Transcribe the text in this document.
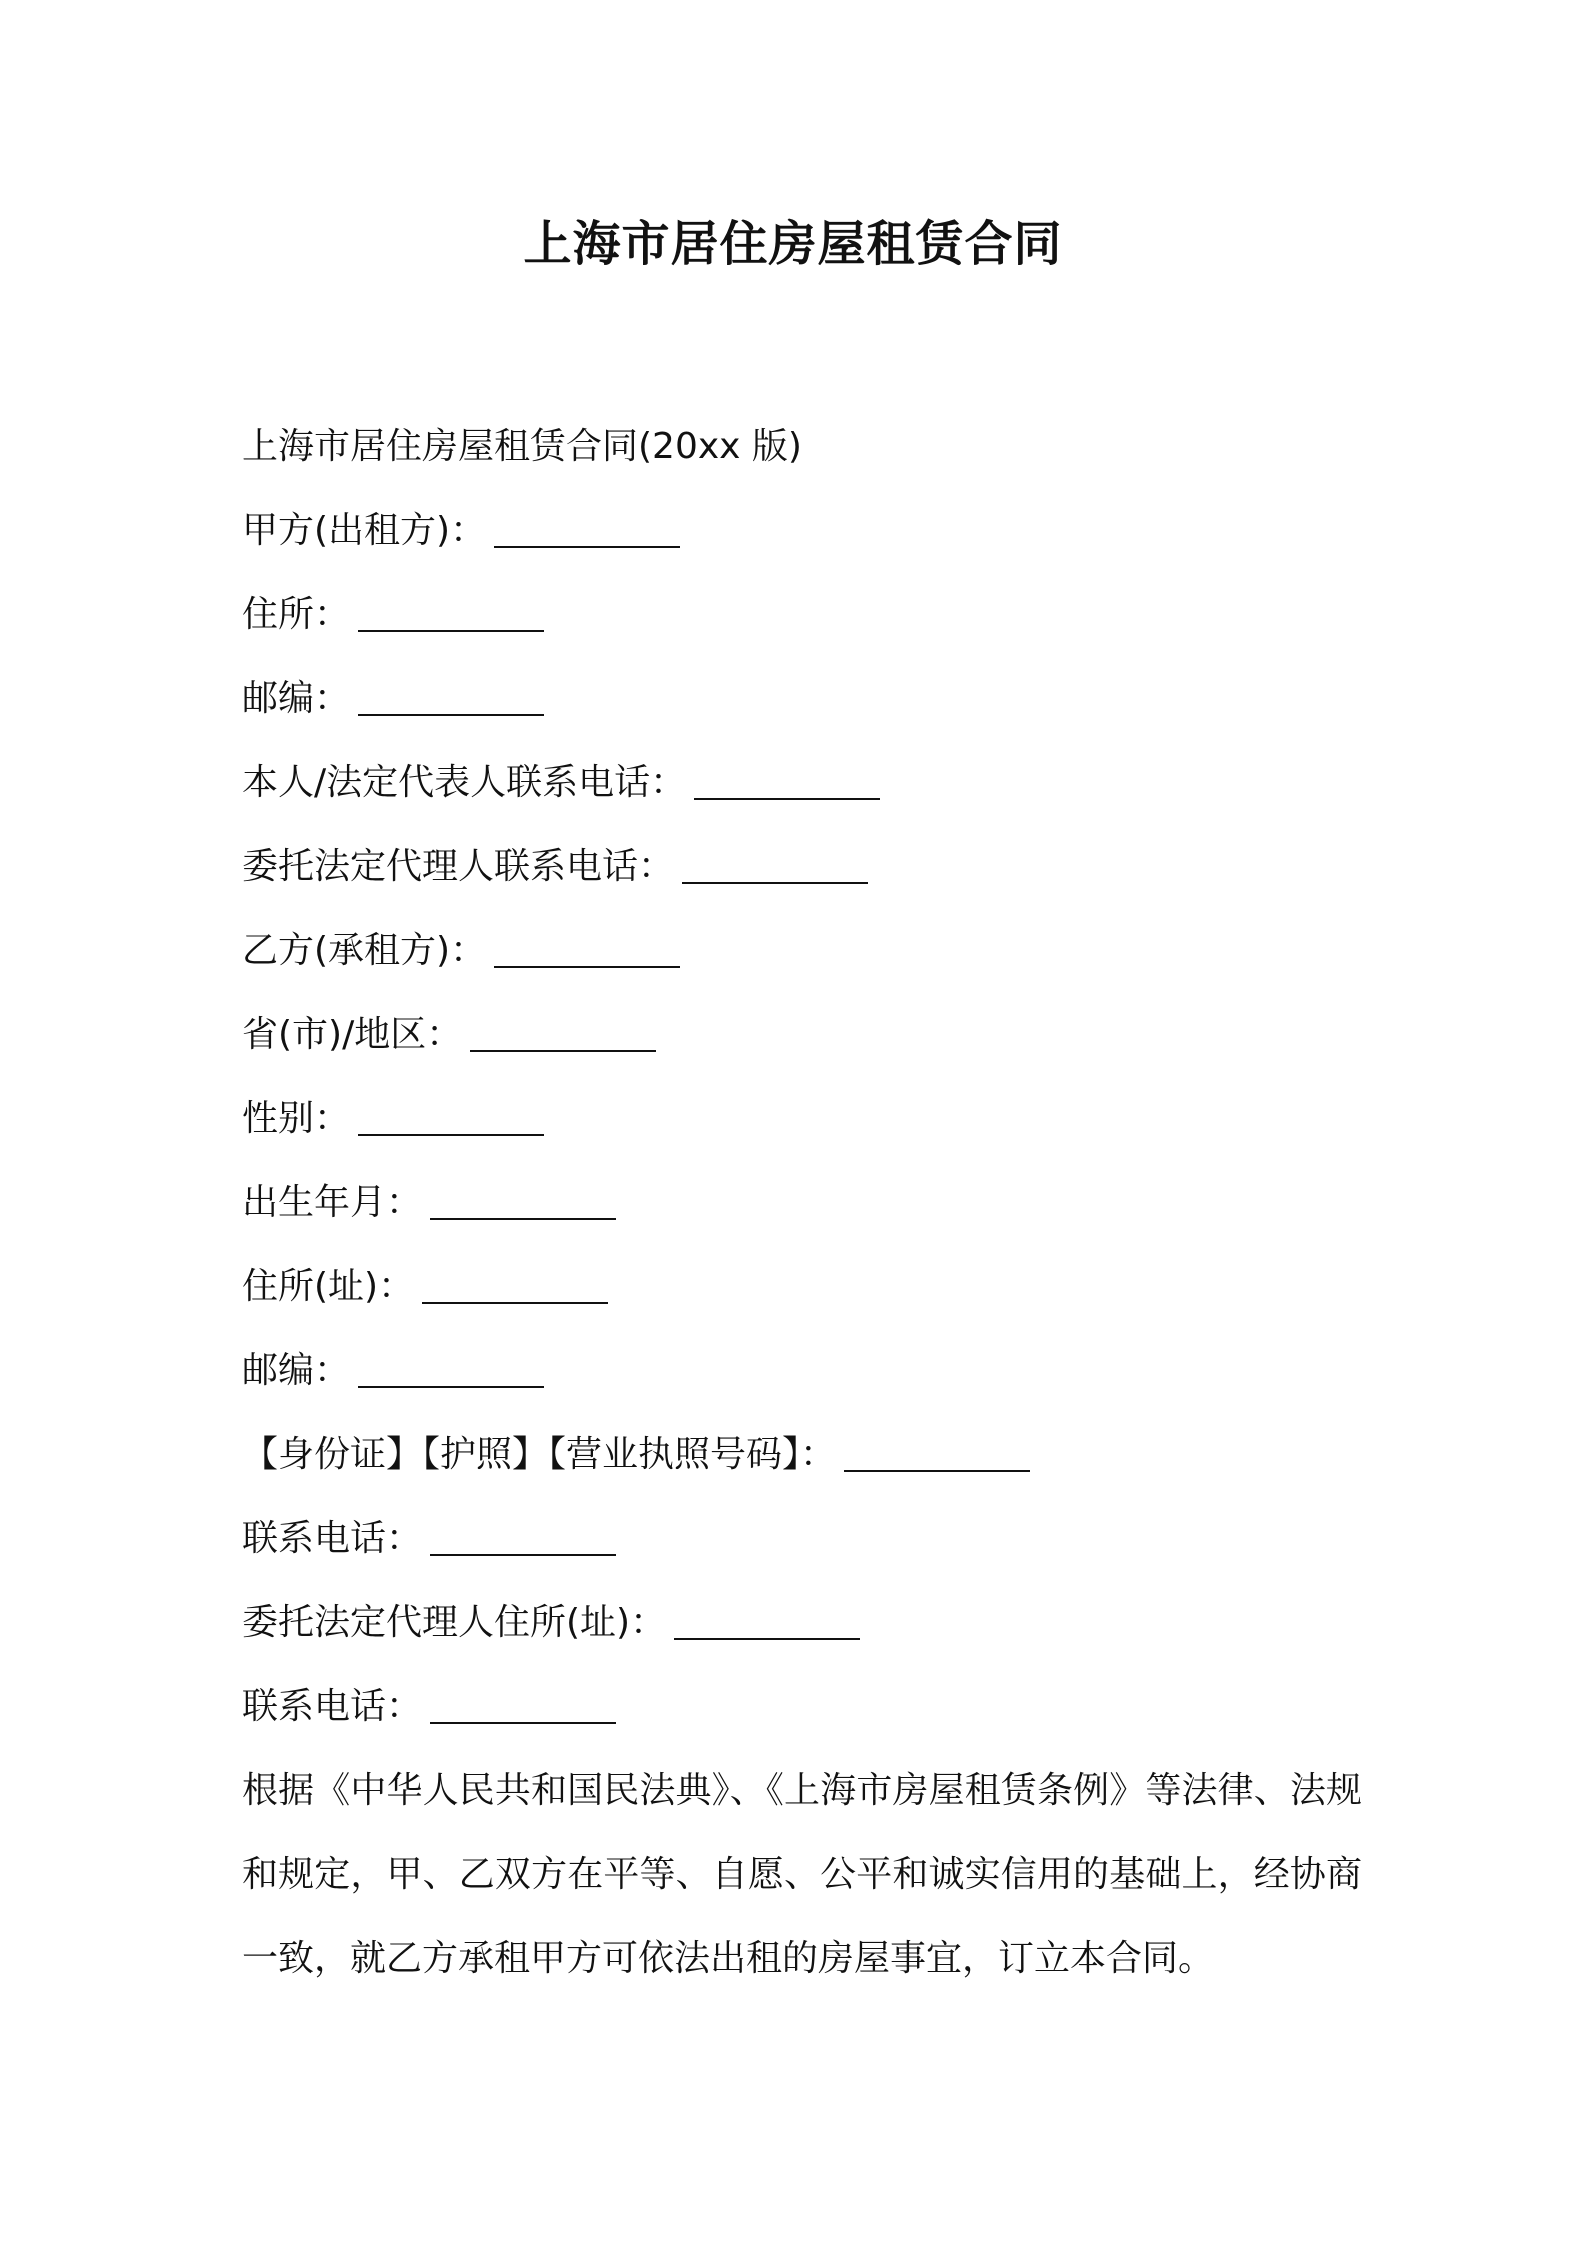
上海市居住房屋租赁合同
上海市居住房屋租赁合同(20xx 版)
甲方(出租方)：
住所：
邮编：
本人/法定代表人联系电话：
委托法定代理人联系电话：
乙方(承租方)：
省(市)/地区：
性别：
出生年月：
住所(址)：
邮编：
【身份证】【护照】【营业执照号码】：
联系电话：
委托法定代理人住所(址)：
联系电话：
根据《中华人民共和国民法典》、《上海市房屋租赁条例》等法律、法规和规定，甲、乙双方在平等、自愿、公平和诚实信用的基础上，经协商一致，就乙方承租甲方可依法出租的房屋事宜，订立本合同。
